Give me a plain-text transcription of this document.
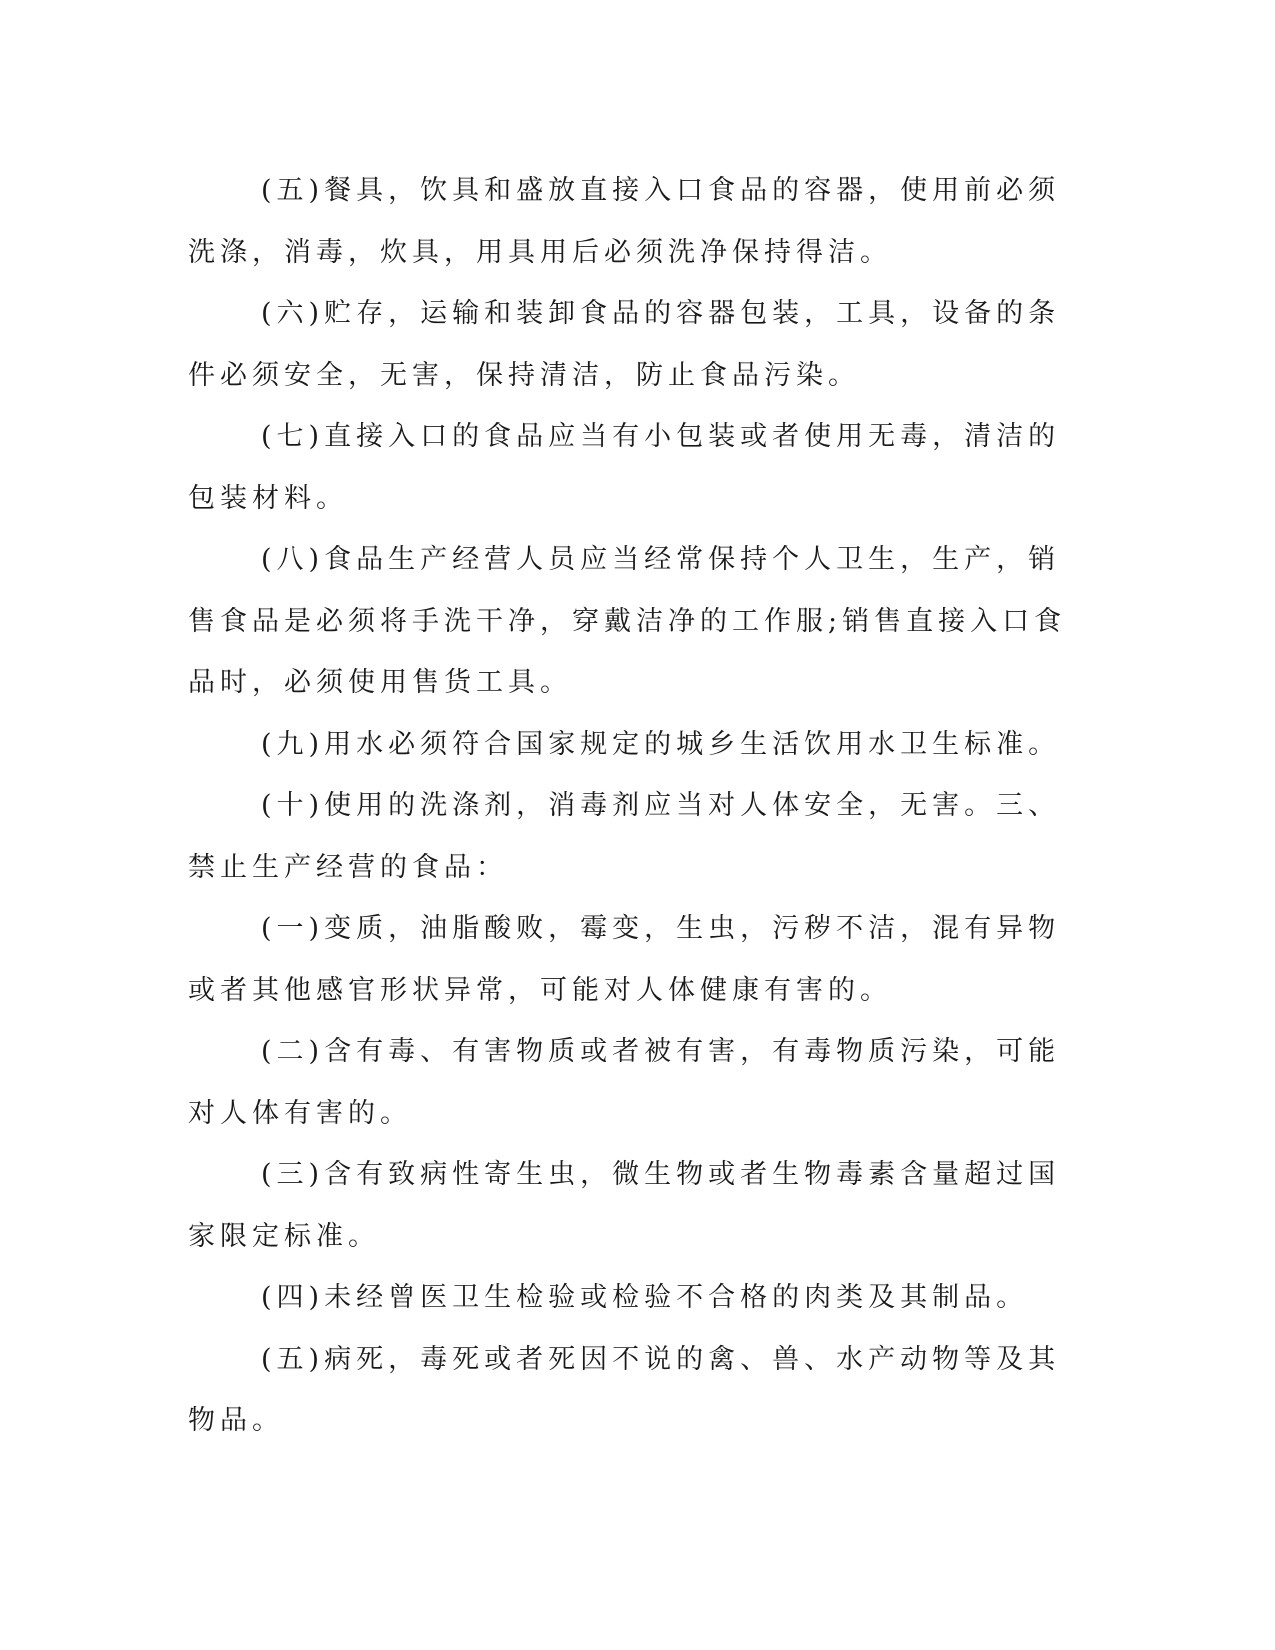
(五)餐具，饮具和盛放直接入口食品的容器，使用前必须洗涤，消毒，炊具，用具用后必须洗净保持得洁。

(六)贮存，运输和装卸食品的容器包装，工具，设备的条件必须安全，无害，保持清洁，防止食品污染。

(七)直接入口的食品应当有小包装或者使用无毒，清洁的包装材料。

(八)食品生产经营人员应当经常保持个人卫生，生产，销售食品是必须将手洗干净，穿戴洁净的工作服;销售直接入口食品时，必须使用售货工具。

(九)用水必须符合国家规定的城乡生活饮用水卫生标准。

(十)使用的洗涤剂，消毒剂应当对人体安全，无害。三、禁止生产经营的食品：

(一)变质，油脂酸败，霉变，生虫，污秽不洁，混有异物或者其他感官形状异常，可能对人体健康有害的。

(二)含有毒、有害物质或者被有害，有毒物质污染，可能对人体有害的。

(三)含有致病性寄生虫，微生物或者生物毒素含量超过国家限定标准。

(四)未经曾医卫生检验或检验不合格的肉类及其制品。

(五)病死，毒死或者死因不说的禽、兽、水产动物等及其物品。
